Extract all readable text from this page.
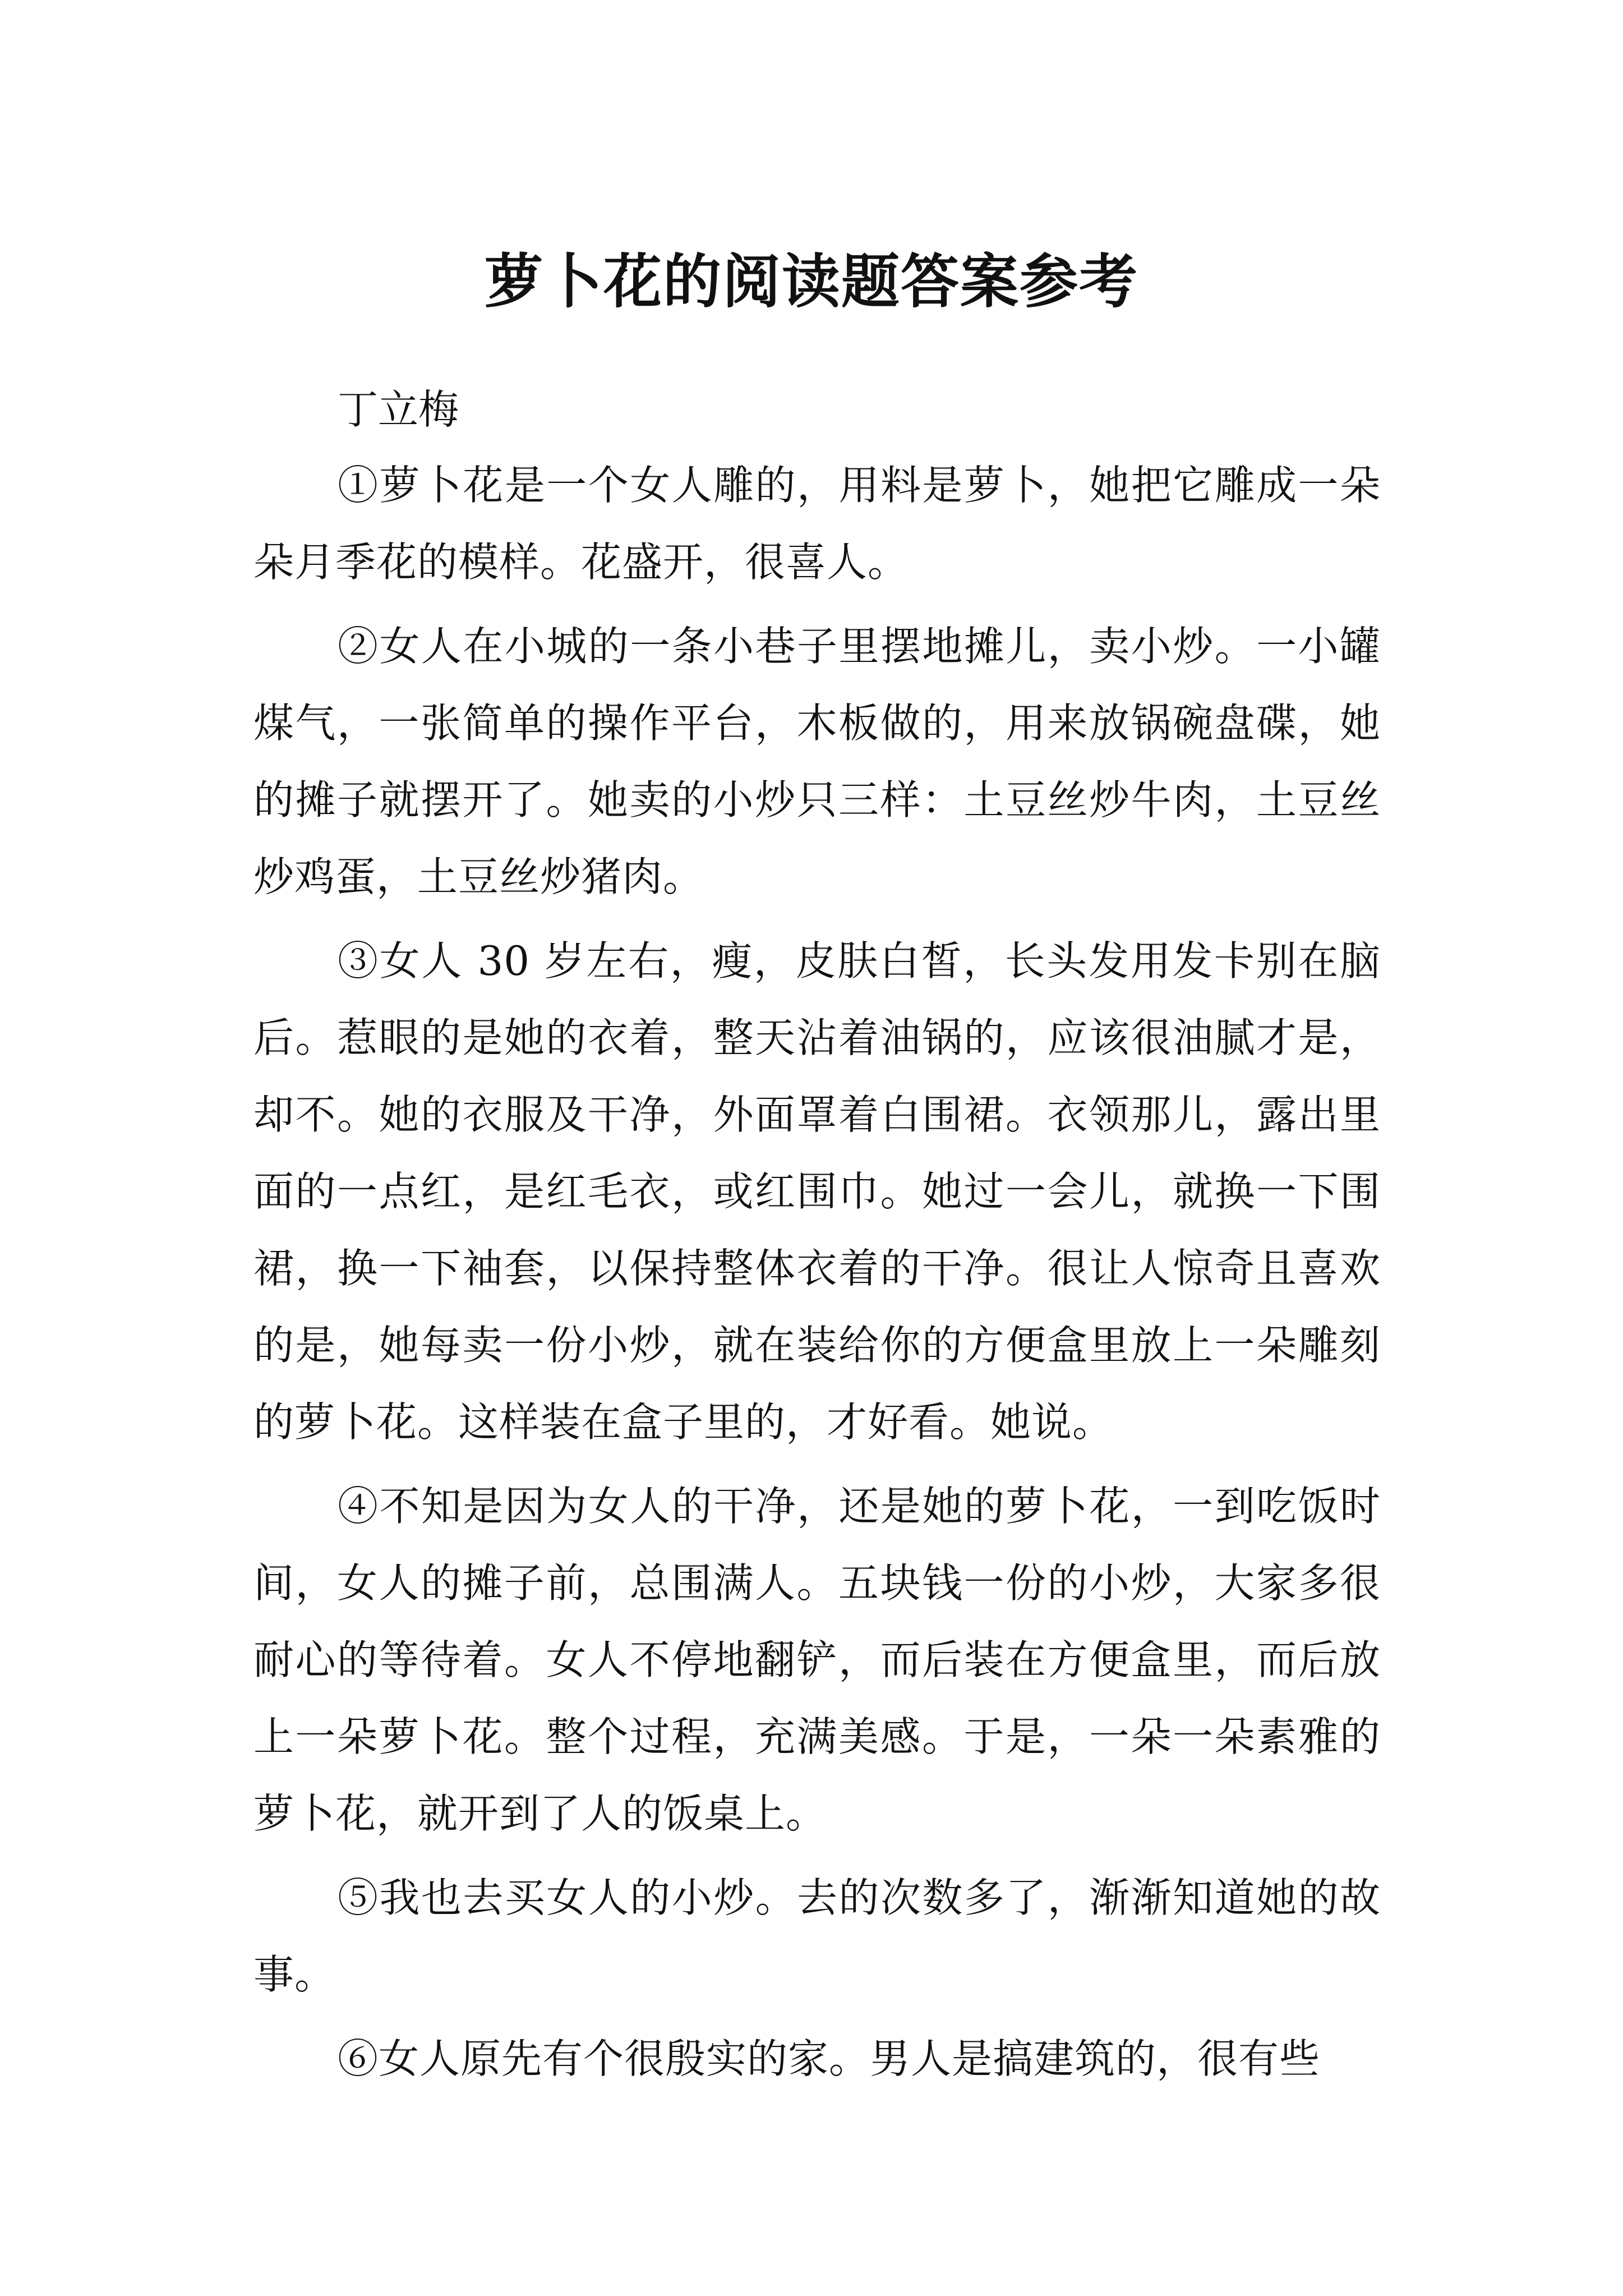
萝卜花的阅读题答案参考

丁立梅

①萝卜花是一个女人雕的，用料是萝卜，她把它雕成一朵朵月季花的模样。花盛开，很喜人。

②女人在小城的一条小巷子里摆地摊儿，卖小炒。一小罐煤气，一张简单的操作平台，木板做的，用来放锅碗盘碟，她的摊子就摆开了。她卖的小炒只三样：土豆丝炒牛肉，土豆丝炒鸡蛋，土豆丝炒猪肉。

③女人 30 岁左右，瘦，皮肤白皙，长头发用发卡别在脑后。惹眼的是她的衣着，整天沾着油锅的，应该很油腻才是，却不。她的衣服及干净，外面罩着白围裙。衣领那儿，露出里面的一点红，是红毛衣，或红围巾。她过一会儿，就换一下围裙，换一下袖套，以保持整体衣着的干净。很让人惊奇且喜欢的是，她每卖一份小炒，就在装给你的方便盒里放上一朵雕刻的萝卜花。这样装在盒子里的，才好看。她说。

④不知是因为女人的干净，还是她的萝卜花，一到吃饭时间，女人的摊子前，总围满人。五块钱一份的小炒，大家多很耐心的等待着。女人不停地翻铲，而后装在方便盒里，而后放上一朵萝卜花。整个过程，充满美感。于是，一朵一朵素雅的萝卜花，就开到了人的饭桌上。

⑤我也去买女人的小炒。去的次数多了，渐渐知道她的故事。

⑥女人原先有个很殷实的家。男人是搞建筑的，很有些
